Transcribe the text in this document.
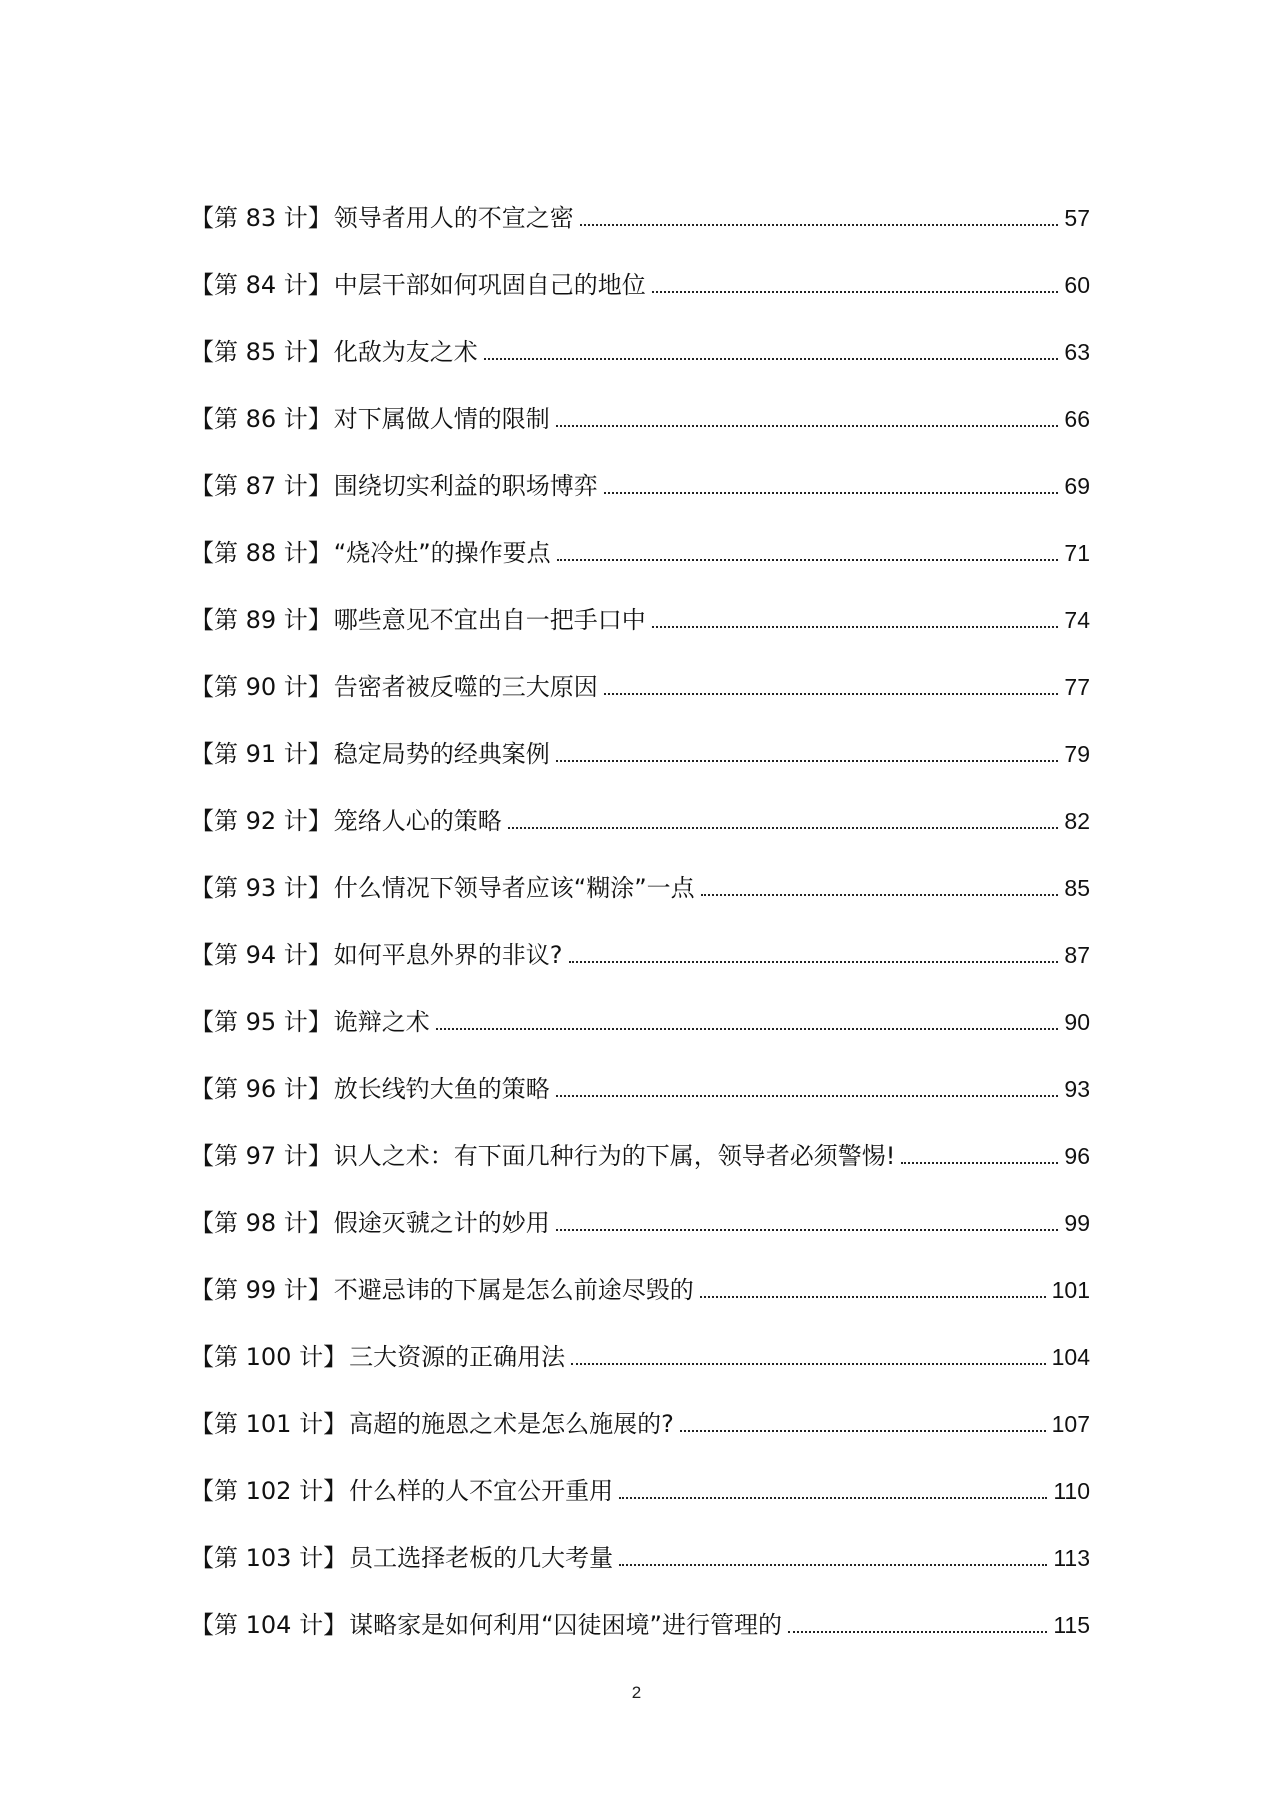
【第 83 计】 领导者用人的不宣之密	57
【第 84 计】 中层干部如何巩固自己的地位	60
【第 85 计】 化敌为友之术	63
【第 86 计】 对下属做人情的限制	66
【第 87 计】 围绕切实利益的职场博弈	69
【第 88 计】 “烧冷灶”的操作要点	71
【第 89 计】 哪些意见不宜出自一把手口中	74
【第 90 计】 告密者被反噬的三大原因	77
【第 91 计】 稳定局势的经典案例	79
【第 92 计】 笼络人心的策略	82
【第 93 计】 什么情况下领导者应该“糊涂”一点	85
【第 94 计】 如何平息外界的非议?	87
【第 95 计】 诡辩之术	90
【第 96 计】 放长线钓大鱼的策略	93
【第 97 计】 识人之术：有下面几种行为的下属，领导者必须警惕!	96
【第 98 计】 假途灭虢之计的妙用	99
【第 99 计】 不避忌讳的下属是怎么前途尽毁的	101
【第 100 计】 三大资源的正确用法	104
【第 101 计】 高超的施恩之术是怎么施展的?	107
【第 102 计】 什么样的人不宜公开重用	110
【第 103 计】 员工选择老板的几大考量	113
【第 104 计】 谋略家是如何利用“囚徒困境”进行管理的	115
2
